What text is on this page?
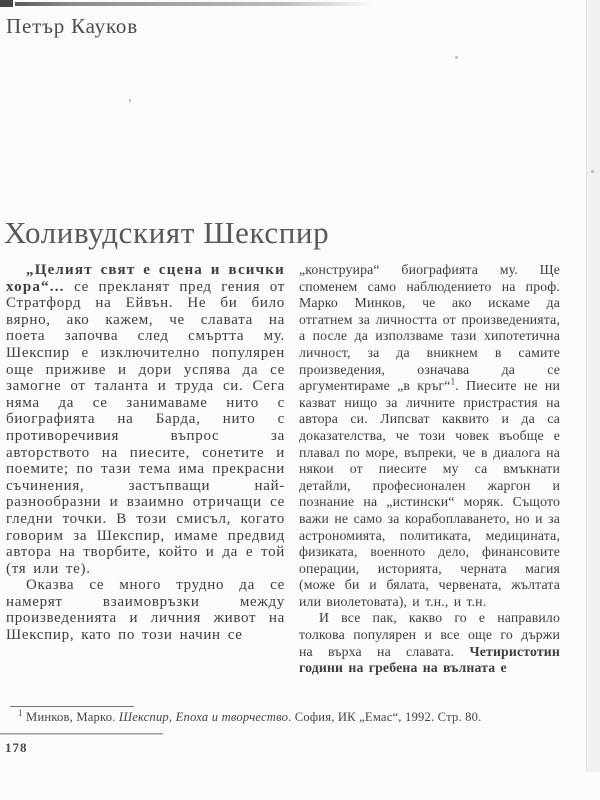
Петър Кауков
Холивудският Шекспир

„Целият свят е сцена и всички хора“... се прекланят пред гения от Стратфорд на Ейвън. Не би било вярно, ако кажем, че славата на поета започва след смъртта му. Шекспир е изключително популярен още приживе и дори успява да се замогне от таланта и труда си. Сега няма да се занимаваме нито с биографията на Барда, нито с противоречивия въпрос за авторството на пиесите, сонетите и поемите; по тази тема има прекрасни съчинения, застъпващи най-разнообразни и взаимно отричащи се гледни точки. В този смисъл, когато говорим за Шекспир, имаме предвид автора на творбите, който и да е той (тя или те).

Оказва се много трудно да се намерят взаимовръзки между произведенията и личния живот на Шекспир, като по този начин се

„конструира“ биографията му. Ще споменем само наблюдението на проф. Марко Минков, че ако искаме да отгатнем за личността от произведенията, а после да използваме тази хипотетична личност, за да вникнем в самите произведения, означава да се аргументираме „в кръг“$^1$. Пиесите не ни казват нищо за личните пристрастия на автора си. Липсват каквито и да са доказателства, че този човек въобще е плавал по море, въпреки, че в диалога на някои от пиесите му са вмъкнати детайли, професионален жаргон и познание на „истински“ моряк. Същото важи не само за корабоплаването, но и за астрономията, политиката, медицината, физиката, военното дело, финансовите операции, историята, черната магия (може би и бялата, червената, жълтата или виолетовата), и т.н., и т.н.

И все пак, какво го е направило толкова популярен и все още го държи на върха на славата. Четиристотин години на гребена на вълната е

$^1$ Минков, Марко. Шекспир, Епоха и творчество. София, ИК „Емас“, 1992. Стр. 80.
178
